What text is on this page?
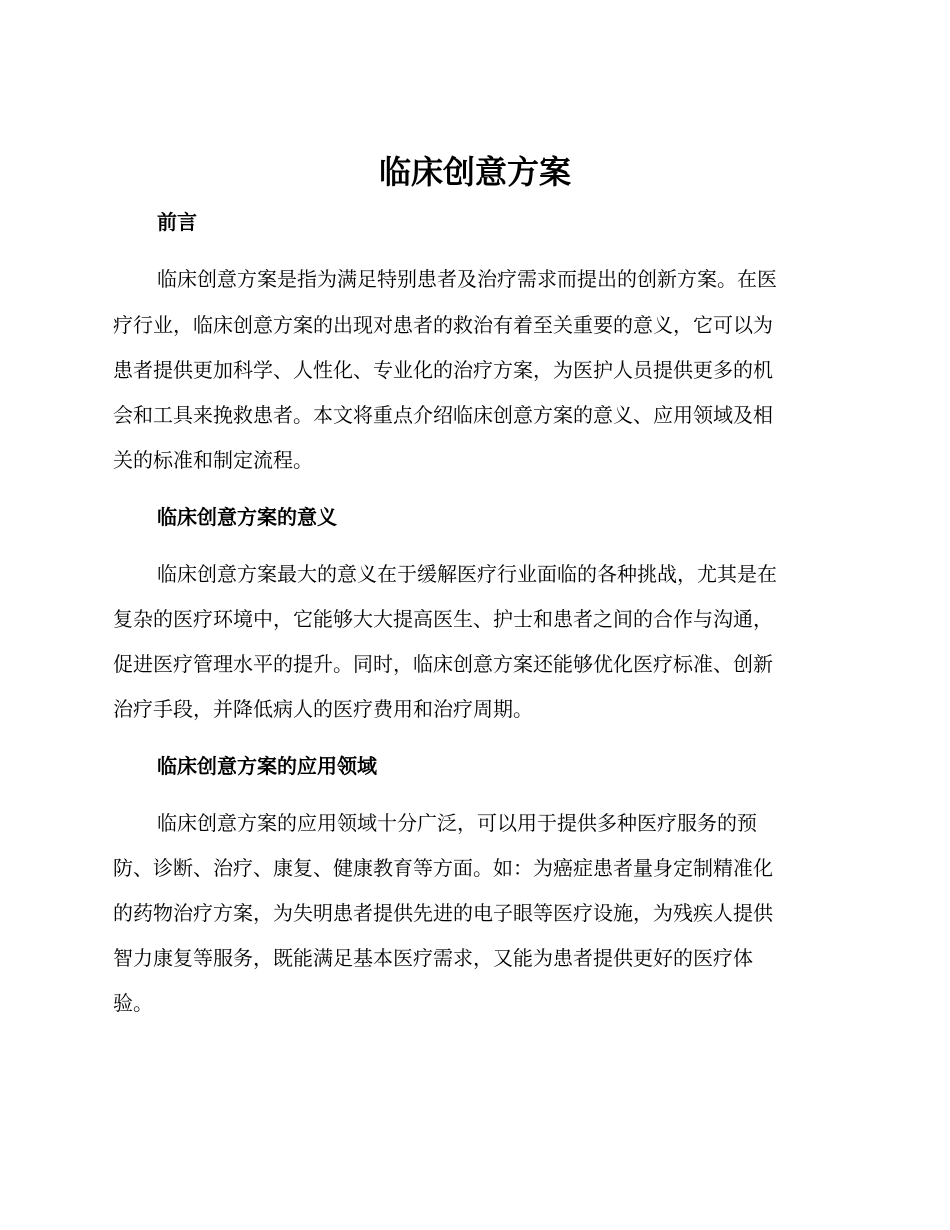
临床创意方案
前言

临床创意方案是指为满足特别患者及治疗需求而提出的创新方案。在医

疗行业，临床创意方案的出现对患者的救治有着至关重要的意义，它可以为

患者提供更加科学、人性化、专业化的治疗方案，为医护人员提供更多的机

会和工具来挽救患者。本文将重点介绍临床创意方案的意义、应用领域及相

关的标准和制定流程。

临床创意方案的意义

临床创意方案最大的意义在于缓解医疗行业面临的各种挑战，尤其是在

复杂的医疗环境中，它能够大大提高医生、护士和患者之间的合作与沟通，

促进医疗管理水平的提升。同时，临床创意方案还能够优化医疗标准、创新

治疗手段，并降低病人的医疗费用和治疗周期。

临床创意方案的应用领域

临床创意方案的应用领域十分广泛，可以用于提供多种医疗服务的预

防、诊断、治疗、康复、健康教育等方面。如：为癌症患者量身定制精准化

的药物治疗方案，为失明患者提供先进的电子眼等医疗设施，为残疾人提供

智力康复等服务，既能满足基本医疗需求，又能为患者提供更好的医疗体

验。
